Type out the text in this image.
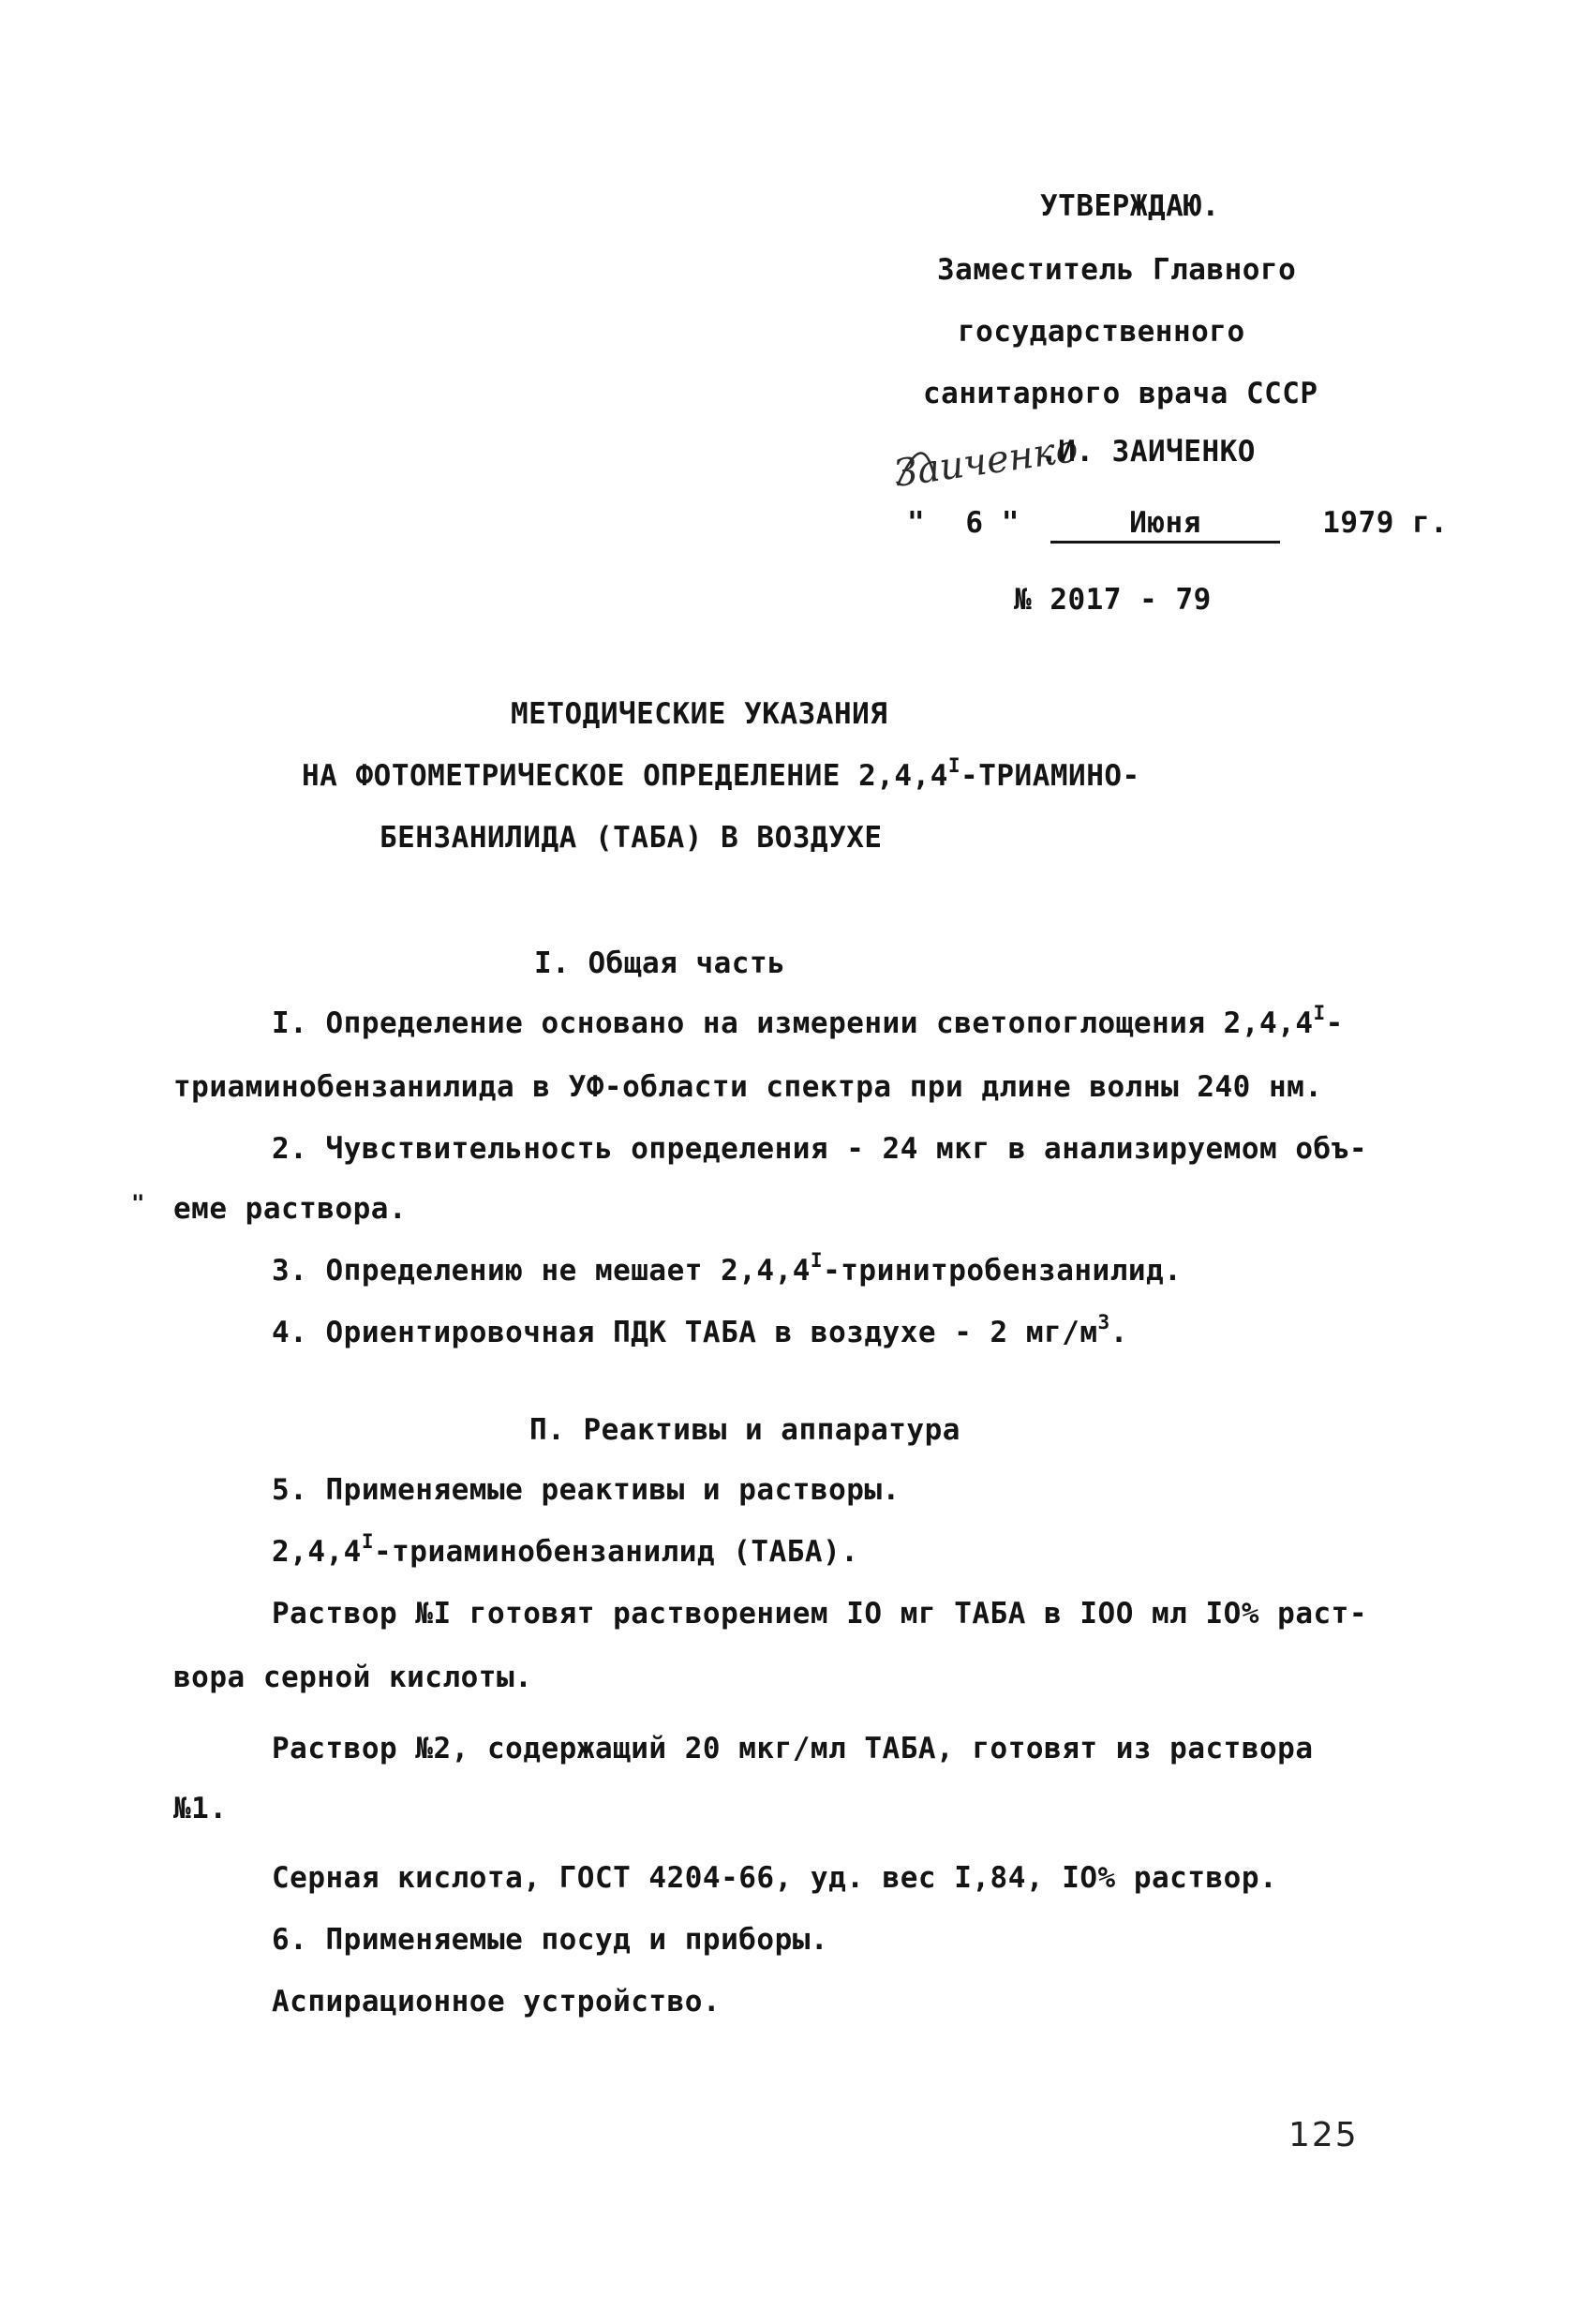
УТВЕРЖДАЮ.
Заместитель Главного
государственного
санитарного врача СССР
Заиченко
.И. ЗАИЧЕНКО
" 6 "	Июня	1979 г.
№ 2017 - 79
МЕТОДИЧЕСКИЕ УКАЗАНИЯ
НА ФОТОМЕТРИЧЕСКОЕ ОПРЕДЕЛЕНИЕ $2,4,4^I-ТРИАМИНО-$
БЕНЗАНИЛИДА (ТАБА) В ВОЗДУХЕ
I. Общая часть
I. Определение основано на измерении светопоглощения $2,4,4^I-$
триаминобензанилида в УФ-области спектра при длине волны 240 нм.
2. Чувствительность определения - 24 мкг в анализируемом объ-
" еме раствора.
3. Определению не мешает $2,4,4^I$-тринитробензанилид.
4. Ориентировочная ПДК ТАБА в воздухе - 2 $мг/м^3$.
П. Реактивы и аппаратура
5. Применяемые реактивы и растворы.
$2,4,4^I$-триаминобензанилид (ТАБА).
Раствор №I готовят растворением IO мг ТАБА в IOO мл IO% раст-
вора серной кислоты.
Раствор №2, содержащий 20 мкг/мл ТАБА, готовят из раствора
№1.
Серная кислота, ГОСТ 4204-66, уд. вес I,84, IO% раствор.
6. Применяемые посуд и приборы.
Аспирационное устройство.
125
